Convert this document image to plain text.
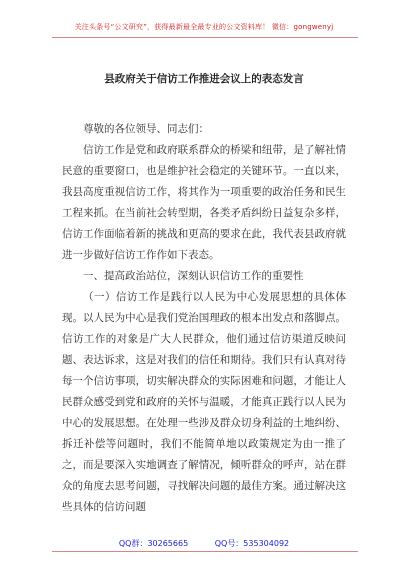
关注头条号“公文研究”，获得最新最全最专业的公文资料库！ 微信：gongwenyj
县政府关于信访工作推进会议上的表态发言

尊敬的各位领导、同志们：

信访工作是党和政府联系群众的桥梁和纽带，是了解社情民意的重要窗口，也是维护社会稳定的关键环节。一直以来，我县高度重视信访工作，将其作为一项重要的政治任务和民生工程来抓。在当前社会转型期，各类矛盾纠纷日益复杂多样，信访工作面临着新的挑战和更高的要求在此，我代表县政府就进一步做好信访工作作如下表态。

一、提高政治站位，深刻认识信访工作的重要性

（一）信访工作是践行以人民为中心发展思想的具体体现。以人民为中心是我们党治国理政的根本出发点和落脚点。信访工作的对象是广大人民群众，他们通过信访渠道反映问题、表达诉求，这是对我们的信任和期待。我们只有认真对待每一个信访事项，切实解决群众的实际困难和问题，才能让人民群众感受到党和政府的关怀与温暖，才能真正践行以人民为中心的发展思想。在处理一些涉及群众切身利益的土地纠纷、拆迁补偿等问题时，我们不能简单地以政策规定为由一推了之，而是要深入实地调查了解情况，倾听群众的呼声，站在群众的角度去思考问题，寻找解决问题的最佳方案。通过解决这些具体的信访问题

QQ群：30265665	QQ号：535304092
